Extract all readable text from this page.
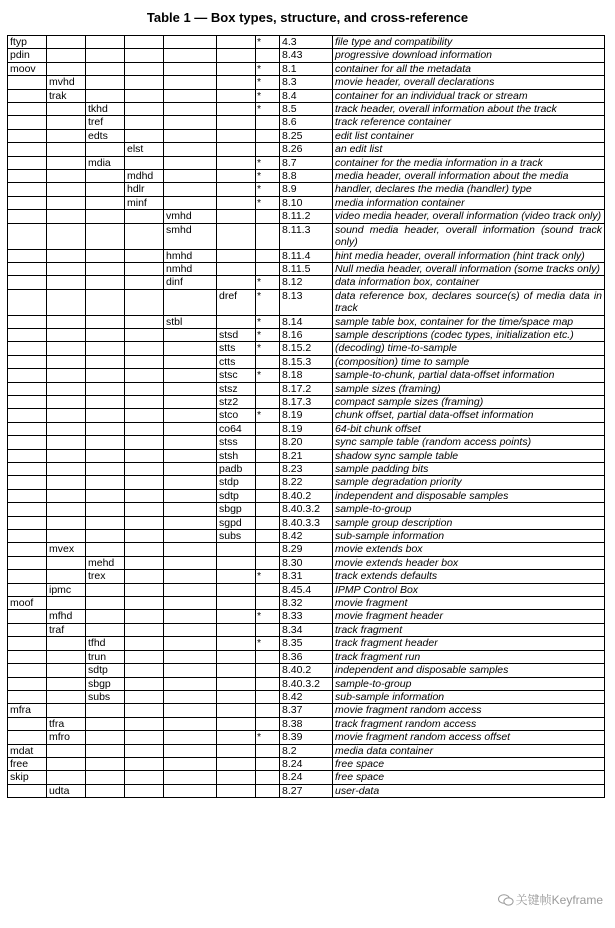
Table 1 — Box types, structure, and cross-reference
ftyp						*	4.3	file type and compatibility
pdin							8.43	progressive download information
moov						*	8.1	container for all the metadata
	mvhd					*	8.3	movie header, overall declarations
	trak					*	8.4	container for an individual track or stream
		tkhd				*	8.5	track header, overall information about the track
		tref					8.6	track reference container
		edts					8.25	edit list container
			elst				8.26	an edit list
		mdia				*	8.7	container for the media information in a track
			mdhd			*	8.8	media header, overall information about the media
			hdlr			*	8.9	handler, declares the media (handler) type
			minf			*	8.10	media information container
				vmhd			8.11.2	video media header, overall information (video track only)
				smhd			8.11.3	sound media header, overall information (sound track only)
				hmhd			8.11.4	hint media header, overall information (hint track only)
				nmhd			8.11.5	Null media header, overall information (some tracks only)
				dinf		*	8.12	data information box, container
					dref	*	8.13	data reference box, declares source(s) of media data in track
				stbl		*	8.14	sample table box, container for the time/space map
					stsd	*	8.16	sample descriptions (codec types, initialization etc.)
					stts	*	8.15.2	(decoding) time-to-sample
					ctts		8.15.3	(composition) time to sample
					stsc	*	8.18	sample-to-chunk, partial data-offset information
					stsz		8.17.2	sample sizes (framing)
					stz2		8.17.3	compact sample sizes (framing)
					stco	*	8.19	chunk offset, partial data-offset information
					co64		8.19	64-bit chunk offset
					stss		8.20	sync sample table (random access points)
					stsh		8.21	shadow sync sample table
					padb		8.23	sample padding bits
					stdp		8.22	sample degradation priority
					sdtp		8.40.2	independent and disposable samples
					sbgp		8.40.3.2	sample-to-group
					sgpd		8.40.3.3	sample group description
					subs		8.42	sub-sample information
	mvex						8.29	movie extends box
		mehd					8.30	movie extends header box
		trex				*	8.31	track extends defaults
	ipmc						8.45.4	IPMP Control Box
moof							8.32	movie fragment
	mfhd					*	8.33	movie fragment header
	traf						8.34	track fragment
		tfhd				*	8.35	track fragment header
		trun					8.36	track fragment run
		sdtp					8.40.2	independent and disposable samples
		sbgp					8.40.3.2	sample-to-group
		subs					8.42	sub-sample information
mfra							8.37	movie fragment random access
	tfra						8.38	track fragment random access
	mfro					*	8.39	movie fragment random access offset
mdat							8.2	media data container
free							8.24	free space
skip							8.24	free space
	udta						8.27	user-data
关键帧Keyframe
